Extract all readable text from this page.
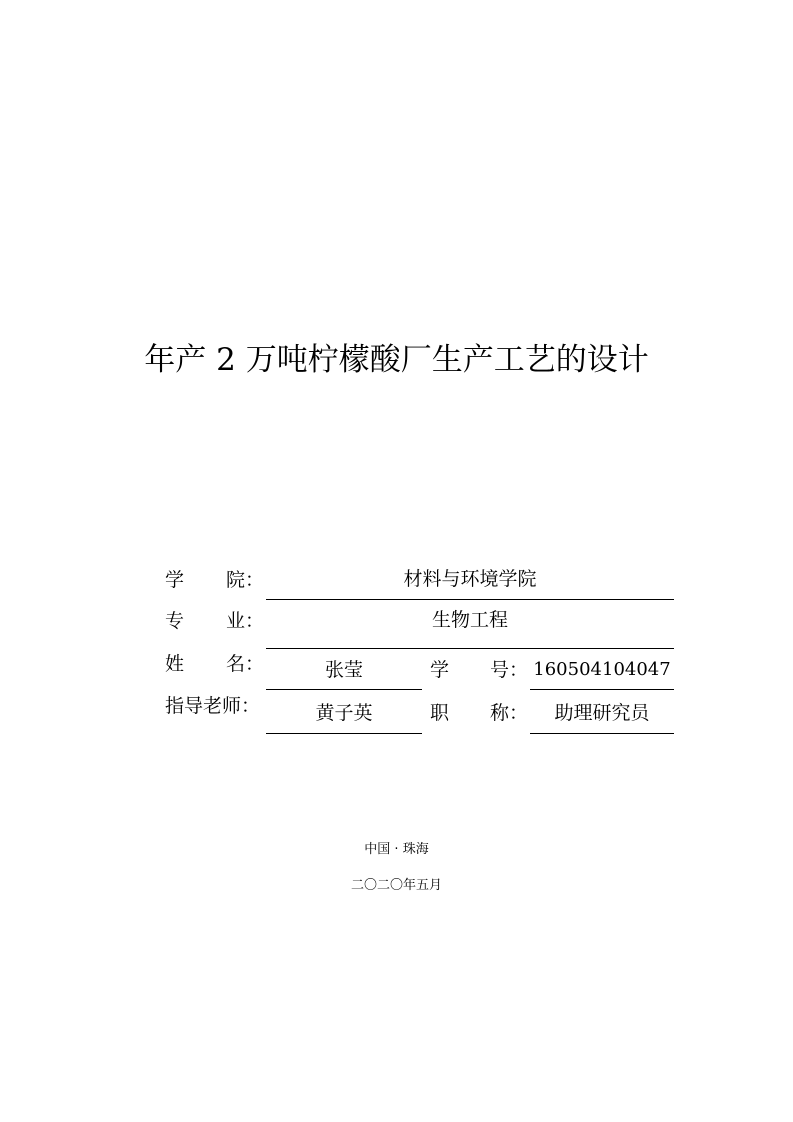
年产 2 万吨柠檬酸厂生产工艺的设计
学 院：	材料与环境学院
专 业：	生物工程
姓 名：	张莹	学 号： 160504104047
指导老师：	黄子英	职 称：	助理研究员
中国 · 珠海
二〇二〇年五月
